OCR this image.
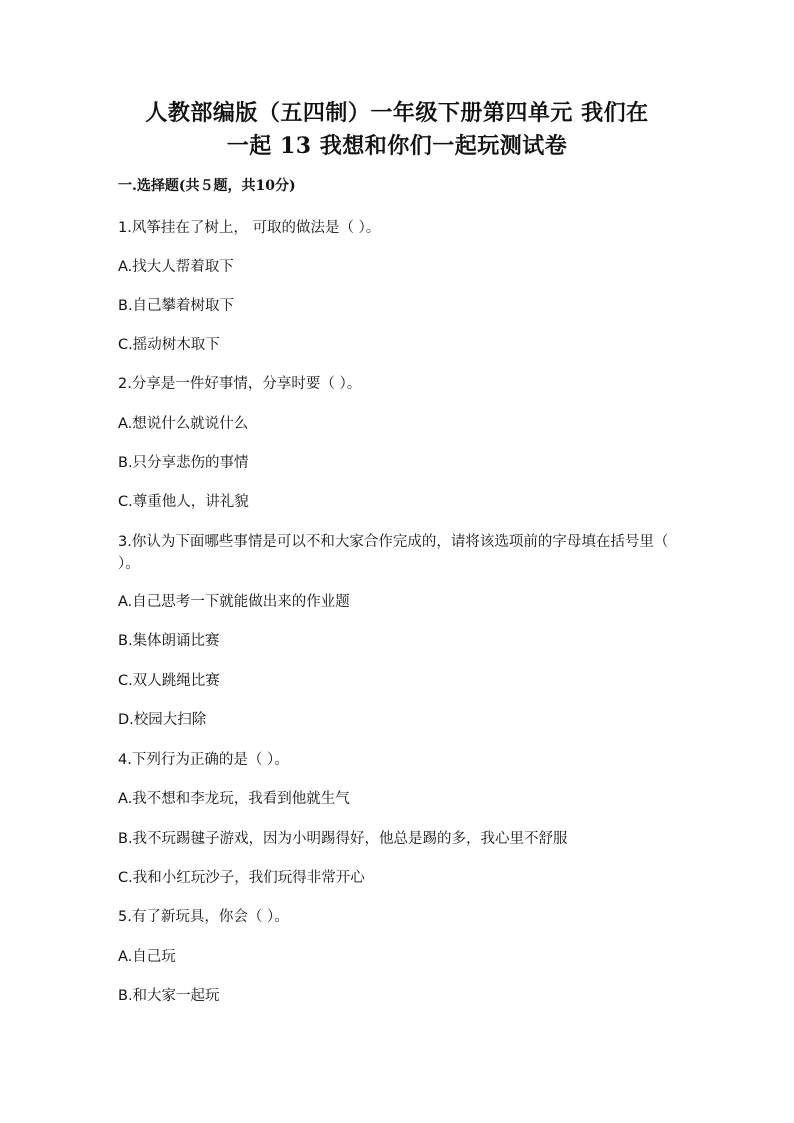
人教部编版（五四制）一年级下册第四单元 我们在
一起 13 我想和你们一起玩测试卷
一.选择题(共５题，共10分)
1.风筝挂在了树上， 可取的做法是（ ）。
A.找大人帮着取下
B.自己攀着树取下
C.摇动树木取下
2.分享是一件好事情，分享时要（ ）。
A.想说什么就说什么
B.只分享悲伤的事情
C.尊重他人，讲礼貌
3.你认为下面哪些事情是可以不和大家合作完成的，请将该选项前的字母填在括号里（ ）。
A.自己思考一下就能做出来的作业题
B.集体朗诵比赛
C.双人跳绳比赛
D.校园大扫除
4.下列行为正确的是（ ）。
A.我不想和李龙玩，我看到他就生气
B.我不玩踢毽子游戏，因为小明踢得好，他总是踢的多，我心里不舒服
C.我和小红玩沙子，我们玩得非常开心
5.有了新玩具，你会（ ）。
A.自己玩
B.和大家一起玩
